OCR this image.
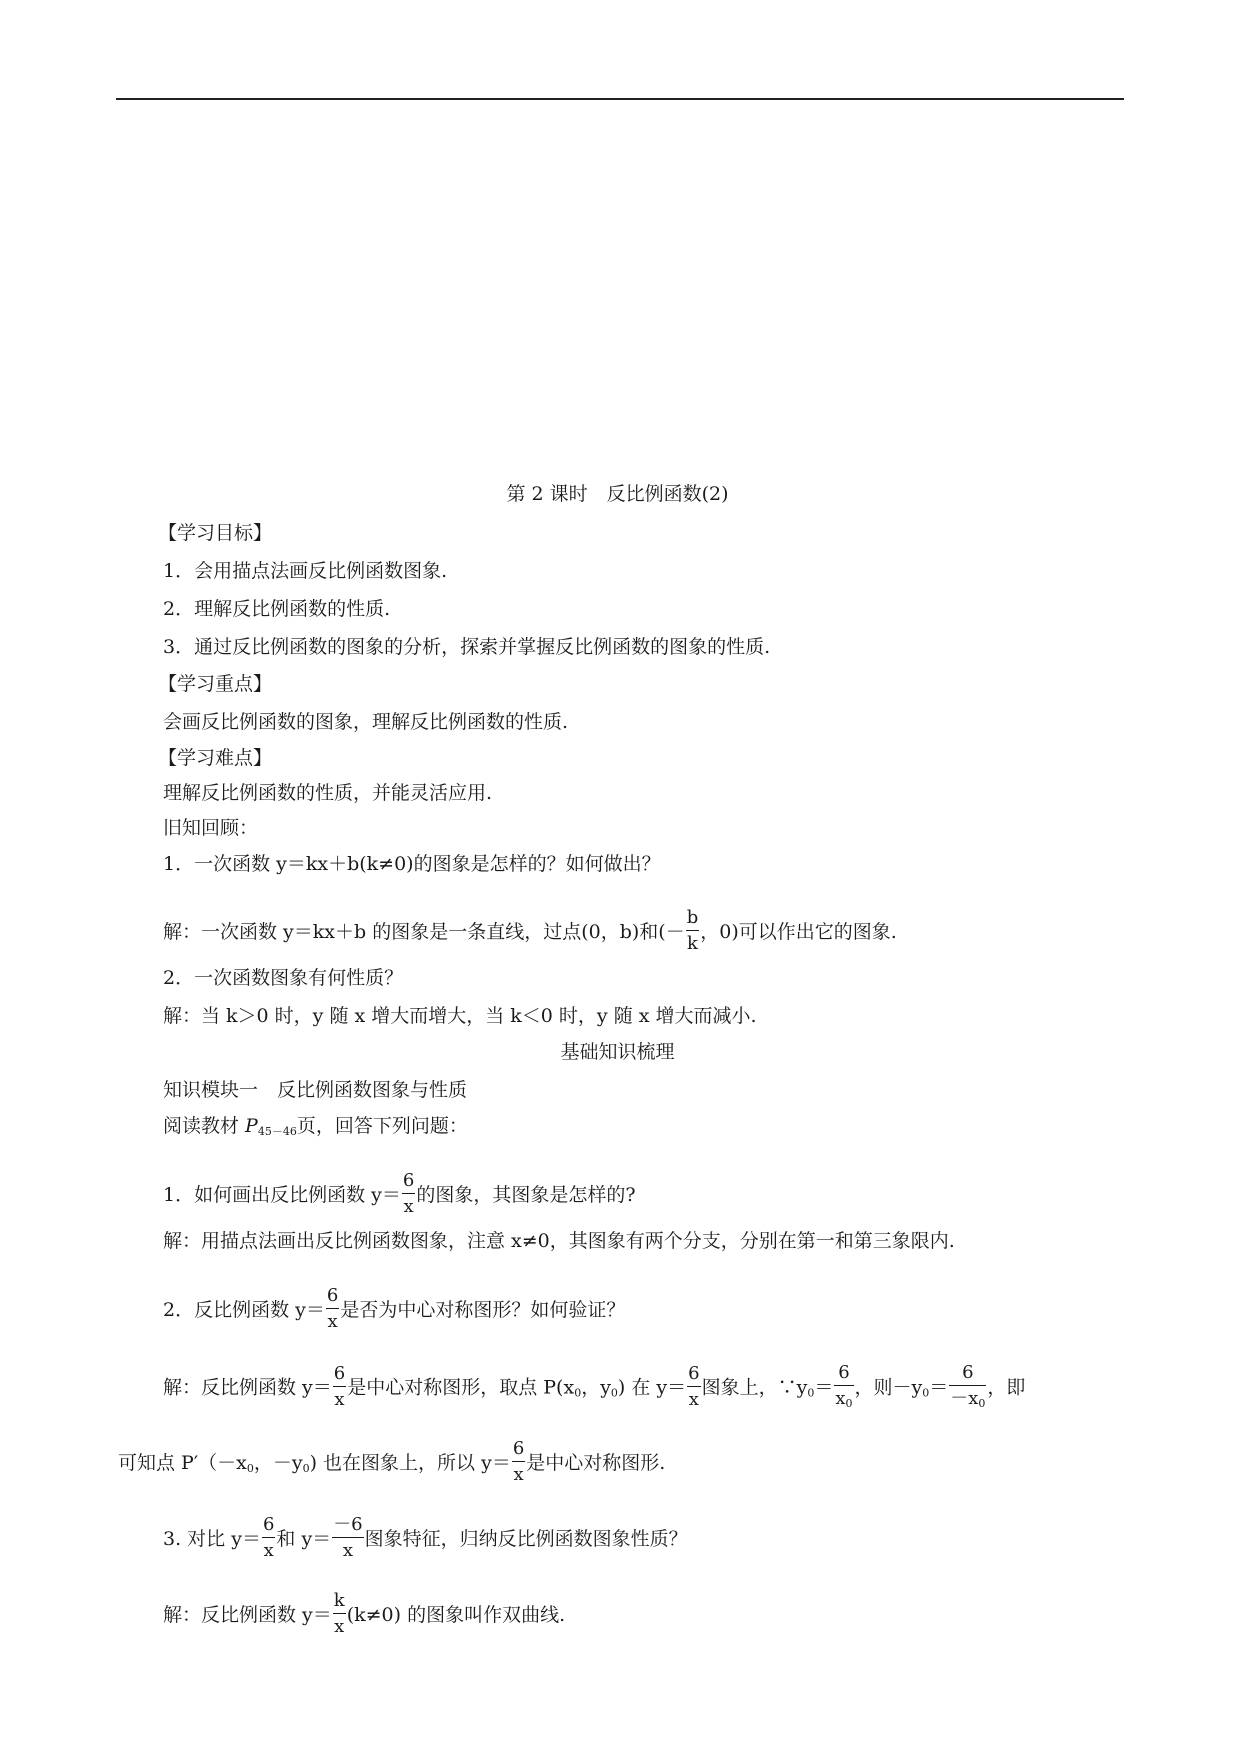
第 2 课时　反比例函数(2)
【学习目标】
1．会用描点法画反比例函数图象.
2．理解反比例函数的性质.
3．通过反比例函数的图象的分析，探索并掌握反比例函数的图象的性质.
【学习重点】
会画反比例函数的图象，理解反比例函数的性质.
【学习难点】
理解反比例函数的性质，并能灵活应用.
旧知回顾：
1．一次函数 y＝kx＋b(k≠0)的图象是怎样的？如何做出？
解：一次函数 y＝kx＋b 的图象是一条直线，过点(0，b)和(－ $\frac{b}{k}$ ，0)可以作出它的图象.
2．一次函数图象有何性质？
解：当 k＞0 时，y 随 x 增大而增大，当 k＜0 时，y 随 x 增大而减小.
基础知识梳理
知识模块一　反比例函数图象与性质
阅读教材 $P_{45-46}$页，回答下列问题：
1．如何画出反比例函数 $y= \frac{6}{x}$ 的图象，其图象是怎样的?
解：用描点法画出反比例函数图象，注意 x≠0，其图象有两个分支，分别在第一和第三象限内.
2．反比例函数 $y= \frac{6}{x}$ 是否为中心对称图形？如何验证？
解：反比例函数 $y= \frac{6}{x}$ 是中心对称图形，取点 $P(x_0$，$y_0$) 在 $y= \frac{6}{x}$ 图象上，$\because y_0= \frac{6}{x_0}$ ，则$-y_0= \frac{6}{-x_0}$ ，即
可知点 $P'(-x_0$，$-y_0$) 也在图象上，所以 $y= \frac{6}{x}$ 是中心对称图形.
3. 对比 $y= \frac{6}{x}$ 和 $y= \frac{-6}{x}$ 图象特征，归纳反比例函数图象性质？
解：反比例函数 $y= \frac{k}{x} (k\ne 0)$ 的图象叫作双曲线.
